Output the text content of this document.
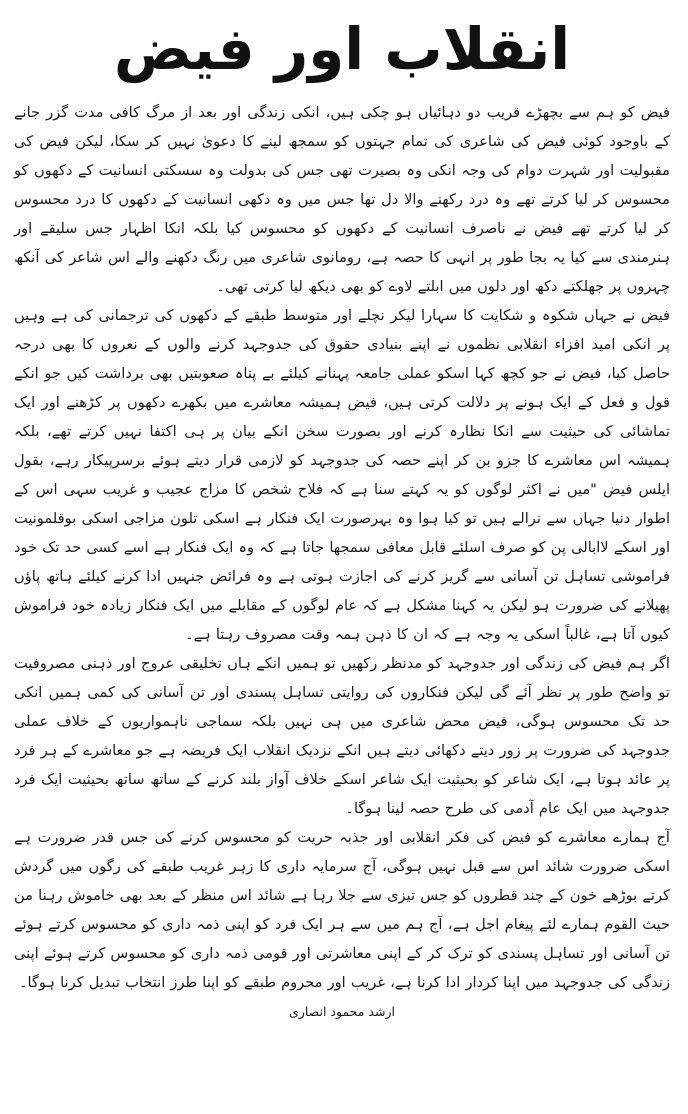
انقلاب اور فیض

فیض کو ہم سے بچھڑے قریب دو دہائیاں ہو چکی ہیں، انکی زندگی اور بعد از مرگ کافی مدت گزر جانے کے باوجود کوئی فیض کی شاعری کی تمام جہتوں کو سمجھ لینے کا دعویٰ نہیں کر سکا، لیکن فیض کی مقبولیت اور شہرت دوام کی وجہ انکی وہ بصیرت تھی جس کی بدولت وہ سسکتی انسانیت کے دکھوں کو محسوس کر لیا کرتے تھے وہ درد رکھنے والا دل تھا جس میں وہ دکھی انسانیت کے دکھوں کا درد محسوس کر لیا کرتے تھے فیض نے ناصرف انسانیت کے دکھوں کو محسوس کیا بلکہ انکا اظہار جس سلیقے اور ہنرمندی سے کیا یہ بجا طور پر انہی کا حصہ ہے، رومانوی شاعری میں رنگ دکھنے والے اس شاعر کی آنکھ چہروں پر جھلکتے دکھ اور دلوں میں ابلتے لاوے کو بھی دیکھ لیا کرتی تھی۔

فیض نے جہاں شکوہ و شکایت کا سہارا لیکر نچلے اور متوسط طبقے کے دکھوں کی ترجمانی کی ہے وہیں پر انکی امید افزاء انقلابی نظموں نے اپنے بنیادی حقوق کی جدوجہد کرنے والوں کے نعروں کا بھی درجہ حاصل کیا، فیض نے جو کچھ کہا اسکو عملی جامعہ پہنانے کیلئے بے پناہ صعوبتیں بھی برداشت کیں جو انکے قول و فعل کے ایک ہونے پر دلالت کرتی ہیں، فیض ہمیشہ معاشرے میں بکھرے دکھوں پر کڑھنے اور ایک تماشائی کی حیثیت سے انکا نظارہ کرنے اور بصورت سخن انکے بیان پر ہی اکتفا نہیں کرتے تھے، بلکہ ہمیشہ اس معاشرے کا جزو بن کر اپنے حصہ کی جدوجہد کو لازمی قرار دیتے ہوئے برسرپیکار رہے، بقول ایلس فیض "میں نے اکثر لوگوں کو یہ کہتے سنا ہے کہ فلاح شخص کا مزاج عجیب و غریب سہی اس کے اطوار دنیا جہاں سے نرالے ہیں تو کیا ہوا وہ بہرصورت ایک فنکار ہے اسکی تلون مزاجی اسکی بوقلمونیت اور اسکے لاابالی پن کو صرف اسلئے قابل معافی سمجھا جاتا ہے کہ وہ ایک فنکار ہے اسے کسی حد تک خود فراموشی تساہل تن آسانی سے گریز کرنے کی اجازت ہوتی ہے وہ فرائض جنہیں ادا کرنے کیلئے ہاتھ پاؤں پھیلانے کی ضرورت ہو لیکن یہ کہنا مشکل ہے کہ عام لوگوں کے مقابلے میں ایک فنکار زیادہ خود فراموش کیوں آتا ہے، غالباً اسکی یہ وجہ ہے کہ ان کا ذہن ہمہ وقت مصروف رہتا ہے۔

اگر ہم فیض کی زندگی اور جدوجہد کو مدنظر رکھیں تو ہمیں انکے ہاں تخلیقی عروج اور ذہنی مصروفیت تو واضح طور پر نظر آئے گی لیکن فنکاروں کی روایتی تساہل پسندی اور تن آسانی کی کمی ہمیں انکی حد تک محسوس ہوگی، فیض محض شاعری میں ہی نہیں بلکہ سماجی ناہمواریوں کے خلاف عملی جدوجہد کی ضرورت پر زور دیتے دکھائی دیتے ہیں انکے نزدیک انقلاب ایک فریضہ ہے جو معاشرے کے ہر فرد پر عائد ہوتا ہے، ایک شاعر کو بحیثیت ایک شاعر اسکے خلاف آواز بلند کرنے کے ساتھ ساتھ بحیثیت ایک فرد جدوجہد میں ایک عام آدمی کی طرح حصہ لینا ہوگا۔

آج ہمارے معاشرے کو فیض کی فکر انقلابی اور جذبہ حریت کو محسوس کرنے کی جس قدر ضرورت ہے اسکی ضرورت شائد اس سے قبل نہیں ہوگی، آج سرمایہ داری کا زہر غریب طبقے کی رگوں میں گردش کرتے بوڑھے خون کے چند قطروں کو جس تیزی سے جلا رہا ہے شائد اس منظر کے بعد بھی خاموش رہنا من حیث القوم ہمارے لئے پیغام اجل ہے، آج ہم میں سے ہر ایک فرد کو اپنی ذمہ داری کو محسوس کرتے ہوئے تن آسانی اور تساہل پسندی کو ترک کر کے اپنی معاشرتی اور قومی ذمہ داری کو محسوس کرتے ہوئے اپنی زندگی کی جدوجہد میں اپنا کردار ادا کرنا ہے، غریب اور محروم طبقے کو اپنا طرز انتخاب تبدیل کرنا ہوگا۔

ارشد محمود انصاری
